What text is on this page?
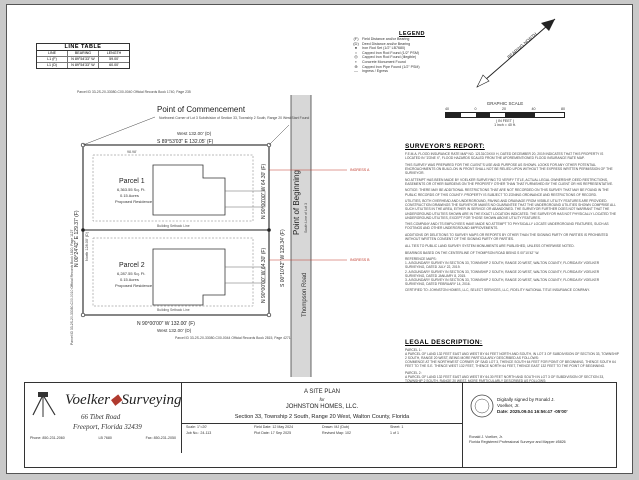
LINE TABLE
LINE	BEARING	LENGTH
L1 (F)	N 89°54'33" W	59.00'
L1 (D)	N 89°54'33" W	60.00'
LEGEND
(F) Field Distance and/or Bearing
(D) Deed Distance and/or Bearing
●	Iron Rod Set (1/2" LB7680)
○	Capped Iron Rod Found (1/2" PSM)
◎	Capped Iron Rod Found (Illegible)
▪	Concrete Monument Found
⊕	Capped Iron Pipe Found (1/2" PSM)
—	Ingress / Egress
BEARING NORTH
GRAPHIC SCALE
40	0	20	40	80
( IN FEET )
1 inch = 40 ft.
Thompson Road
INGRESS A
INGRESS B
Point of Commencement
Northwest Corner of Lot 3 Subdivision of Section 33, Township 2 South, Range 20 West Start Found
West 132.00' (D)
S 89°53'03" E 132.05' (F)
Parcel ID 33-2S-20-33080-C00-0040 Official Records Book 1740, Page 235
Parcel 1
6,363.55 Sq. Ft.
0.15 Acres
Proposed Residence
Parcel 2
6,287.55 Sq. Ft.
0.15 Acres
Proposed Residence
98.98'
Building Setback Line
Building Setback Line
N 00°24'42" E 129.37' (F) North 128.00' (D)
N 90°00'00" W 64.30' (F)
N 90°00'00" W 64.30' (F)	S 00°10'42" W 129.34' (F)
Point of Beginning South Line of Lot 3
N 90°00'00" W 132.00' (F)
West 132.00' (D)
Parcel ID 33-2S-20-33080-C00-0044 Official Records Book 2815, Page 4271
Parcel ID 33-2S-20-33080-C00-0010 Official Records Book 1820, Page 1127
SURVEYOR'S REPORT:
F.E.M.A. FLOOD INSURANCE RATE MAP NO. 12131C0XXX H, DATED DECEMBER 20, 2019 INDICATES THAT THIS PROPERTY IS LOCATED IN "ZONE X", FLOOD HAZARDS SCALED FROM THE AFOREMENTIONED FLOOD INSURANCE RATE MAP.
THIS SURVEY WAS PREPARED FOR THE CLIENT'S USE AND PURPOSE AS SHOWN. LOOKS FOR ANY OTHER POTENTIAL ENCROACHMENTS ON BUILD-ON IN FRONT SHALL NOT BE RELIED UPON WITHOUT THE EXPRESS WRITTEN PERMISSION OF THE SURVEYOR.
NO ATTEMPT HAS BEEN MADE BY VOELKER SURVEYING TO VERIFY TITLE, ACTUAL LEGAL OWNERSHIP, DEED RESTRICTIONS, EASEMENTS OR OTHER BURDENS ON THE PROPERTY OTHER THAN THAT FURNISHED BY THE CLIENT OR HIS REPRESENTATIVE.
NOTICE: THERE MAY BE ADDITIONAL RESTRICTIONS THAT ARE NOT RECORDED ON THIS SURVEY THAT MAY BE FOUND IN THE PUBLIC RECORDS OF THIS COUNTY. PROPERTY IS SUBJECT TO ZONING ORDINANCE AND RESTRICTIONS OF RECORD.
UTILITIES, BOTH OVERHEAD AND UNDERGROUND, PAVING AND DRAINAGE FROM VISIBLE UTILITY FEATURES ARE PROVIDED. CONSTRUCTION DRAWINGS THE SURVEYOR MAKES NO GUARANTEE THAT THE UNDERGROUND UTILITIES SHOWN COMPRISE ALL SUCH UTILITIES IN THE AREA, EITHER IN SERVICE OR ABANDONED. THE SURVEYOR FURTHER DOES NOT WARRANT THAT THE UNDERGROUND UTILITIES SHOWN ARE IN THE EXACT LOCATION INDICATED. THE SURVEYOR HAS NOT PHYSICALLY LOCATED THE UNDERGROUND UTILITIES, EXCEPT FOR THOSE SHOWN ABOVE UTILITY FEATURES.
THIS COMPANY AND ITS EMPLOYEES HAVE MADE NO ATTEMPT TO PHYSICALLY LOCATE UNDERGROUND FEATURES, SUCH AS FOOTINGS AND OTHER UNDERGROUND IMPROVEMENTS.
ADDITIONS OR DELETIONS TO SURVEY MAPS OR REPORTS BY OTHER THAN THE SIGNING PARTY OR PARTIES IS PROHIBITED WITHOUT WRITTEN CONSENT OF THE SIGNING PARTY OR PARTIES.
ALL TIES TO PUBLIC LAND SURVEY SYSTEM MONUMENTS ARE PUBLISHED, UNLESS OTHERWISE NOTED.
BEARINGS BASED ON THE CENTERLINE OF THOMPSON ROAD BEING S 00°10'42" W.
REFERENCE MAPS:
1. A BOUNDARY SURVEY IN SECTION 33, TOWNSHIP 2 SOUTH, RANGE 20 WEST, WALTON COUNTY, FLORIDA BY VOELKER SURVEYING, DATED JULY 22, 2019.
2. A BOUNDARY SURVEY IN SECTION 33, TOWNSHIP 2 SOUTH, RANGE 20 WEST, WALTON COUNTY, FLORIDA BY VOELKER SURVEYING, DATED JANUARY 8, 2015.
3. A BOUNDARY SURVEY IN SECTION 33, TOWNSHIP 2 SOUTH, RANGE 20 WEST, WALTON COUNTY, FLORIDA BY VOELKER SURVEYING, DATED FEBRUARY 14, 2016.
CERTIFIED TO: JOHNSTON HOMES, LLC, SELECT SERVICES, LLC, FIDELITY NATIONAL TITLE INSURANCE COMPANY.
LEGAL DESCRIPTION:
PARCEL 1:
A PARCEL OF LAND 132 FEET EAST AND WEST BY 64 FEET NORTH AND SOUTH, IN LOT 3 OF SUBDIVISION OF SECTION 33, TOWNSHIP 2 SOUTH, RANGE 20 WEST, BEING MORE PARTICULARLY DESCRIBED AS FOLLOWS:
COMMENCE AT THE NORTHWEST CORNER OF SAID LOT 3, THENCE SOUTH 64 FEET FOR POINT OF BEGINNING, THENCE SOUTH 64 FEET TO THE S.E. THENCE WEST 132 FEET, THENCE NORTH 64 FEET, THENCE EAST 132 FEET TO THE POINT OF BEGINNING.
PARCEL 2:
A PARCEL OF LAND 132 FEET EAST AND WEST BY 64.30 FEET NORTH AND SOUTH IN LOT 3 OF SUBDIVISION OF SECTION 33,

Voelker◆Surveying
66 Tibet Road
Freeport, Florida 32439
Phone: 850-231-2060	LB 7680	Fax: 850-231-2050
A SITE PLAN
for
JOHNSTON HOMES, LLC.
Section 33, Township 2 South, Range 20 West, Walton County, Florida
Scale: 1"=20'	Field Date: 12 May 2024	Drawn: MJ (Dub)	Sheet: 1
Job No.: 24-113	Plot Date: 17 Sep 2025	Revised Map: 102	1 of 1
Digitally signed by Ronald J.
Voelker, Jr.
Date: 2025.09.04 16:56:47 -05'00'
Ronald J. Voelker, Jr.
Florida Registered Professional Surveyor and Mapper #5826
